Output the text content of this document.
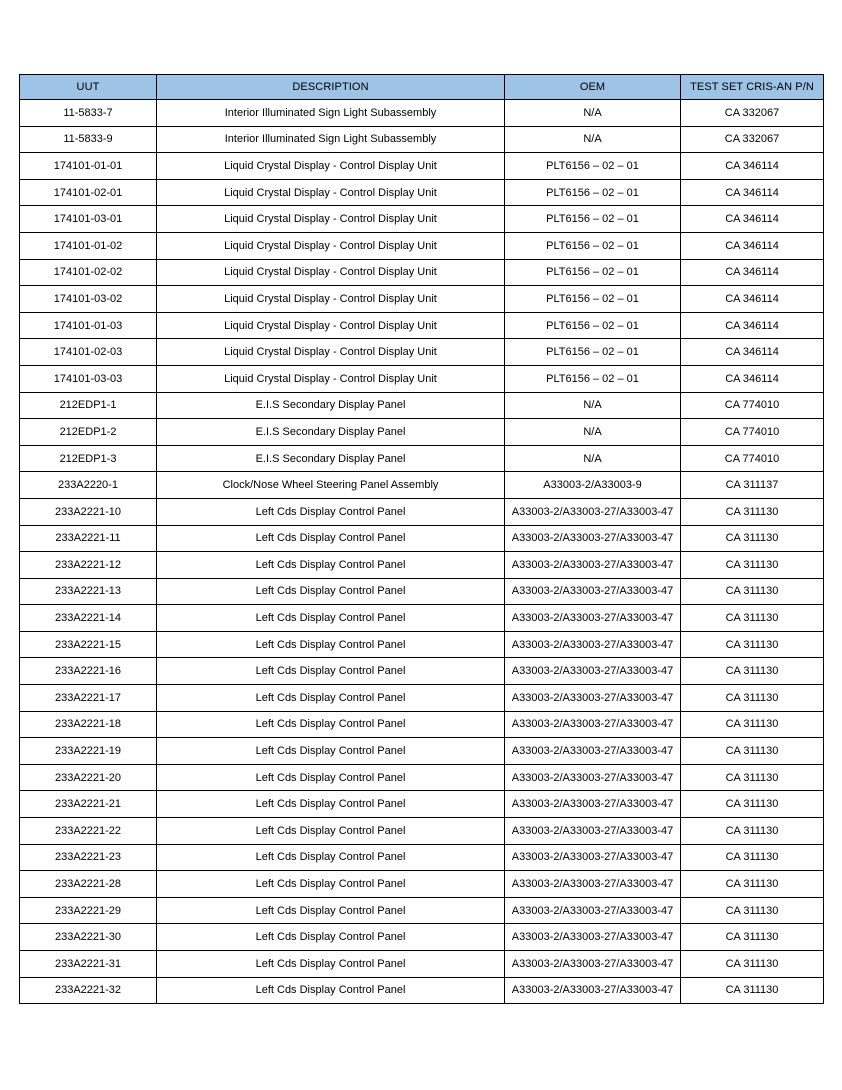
UUT	DESCRIPTION	OEM	TEST SET CRIS-AN P/N
11-5833-7	Interior Illuminated Sign Light Subassembly	N/A	CA 332067
11-5833-9	Interior Illuminated Sign Light Subassembly	N/A	CA 332067
174101-01-01	Liquid Crystal Display - Control Display Unit	PLT6156 – 02 – 01	CA 346114
174101-02-01	Liquid Crystal Display - Control Display Unit	PLT6156 – 02 – 01	CA 346114
174101-03-01	Liquid Crystal Display - Control Display Unit	PLT6156 – 02 – 01	CA 346114
174101-01-02	Liquid Crystal Display - Control Display Unit	PLT6156 – 02 – 01	CA 346114
174101-02-02	Liquid Crystal Display - Control Display Unit	PLT6156 – 02 – 01	CA 346114
174101-03-02	Liquid Crystal Display - Control Display Unit	PLT6156 – 02 – 01	CA 346114
174101-01-03	Liquid Crystal Display - Control Display Unit	PLT6156 – 02 – 01	CA 346114
174101-02-03	Liquid Crystal Display - Control Display Unit	PLT6156 – 02 – 01	CA 346114
174101-03-03	Liquid Crystal Display - Control Display Unit	PLT6156 – 02 – 01	CA 346114
212EDP1-1	E.I.S Secondary Display Panel	N/A	CA 774010
212EDP1-2	E.I.S Secondary Display Panel	N/A	CA 774010
212EDP1-3	E.I.S Secondary Display Panel	N/A	CA 774010
233A2220-1	Clock/Nose Wheel Steering Panel Assembly	A33003-2/A33003-9	CA 311137
233A2221-10	Left Cds Display Control Panel	A33003-2/A33003-27/A33003-47	CA 311130
233A2221-11	Left Cds Display Control Panel	A33003-2/A33003-27/A33003-47	CA 311130
233A2221-12	Left Cds Display Control Panel	A33003-2/A33003-27/A33003-47	CA 311130
233A2221-13	Left Cds Display Control Panel	A33003-2/A33003-27/A33003-47	CA 311130
233A2221-14	Left Cds Display Control Panel	A33003-2/A33003-27/A33003-47	CA 311130
233A2221-15	Left Cds Display Control Panel	A33003-2/A33003-27/A33003-47	CA 311130
233A2221-16	Left Cds Display Control Panel	A33003-2/A33003-27/A33003-47	CA 311130
233A2221-17	Left Cds Display Control Panel	A33003-2/A33003-27/A33003-47	CA 311130
233A2221-18	Left Cds Display Control Panel	A33003-2/A33003-27/A33003-47	CA 311130
233A2221-19	Left Cds Display Control Panel	A33003-2/A33003-27/A33003-47	CA 311130
233A2221-20	Left Cds Display Control Panel	A33003-2/A33003-27/A33003-47	CA 311130
233A2221-21	Left Cds Display Control Panel	A33003-2/A33003-27/A33003-47	CA 311130
233A2221-22	Left Cds Display Control Panel	A33003-2/A33003-27/A33003-47	CA 311130
233A2221-23	Left Cds Display Control Panel	A33003-2/A33003-27/A33003-47	CA 311130
233A2221-28	Left Cds Display Control Panel	A33003-2/A33003-27/A33003-47	CA 311130
233A2221-29	Left Cds Display Control Panel	A33003-2/A33003-27/A33003-47	CA 311130
233A2221-30	Left Cds Display Control Panel	A33003-2/A33003-27/A33003-47	CA 311130
233A2221-31	Left Cds Display Control Panel	A33003-2/A33003-27/A33003-47	CA 311130
233A2221-32	Left Cds Display Control Panel	A33003-2/A33003-27/A33003-47	CA 311130
